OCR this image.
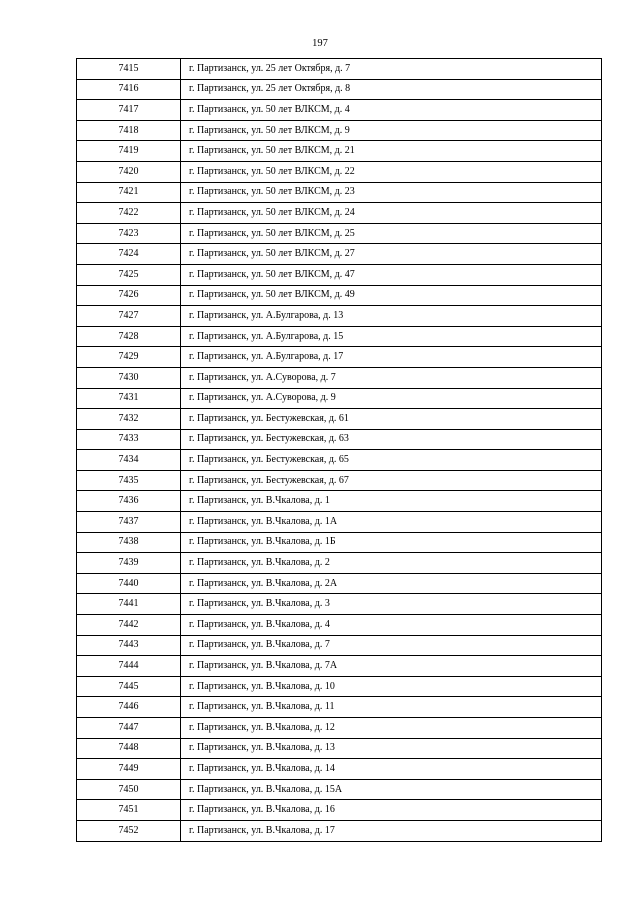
197
7415	г. Партизанск, ул. 25 лет Октября, д. 7
7416	г. Партизанск, ул. 25 лет Октября, д. 8
7417	г. Партизанск, ул. 50 лет ВЛКСМ, д. 4
7418	г. Партизанск, ул. 50 лет ВЛКСМ, д. 9
7419	г. Партизанск, ул. 50 лет ВЛКСМ, д. 21
7420	г. Партизанск, ул. 50 лет ВЛКСМ, д. 22
7421	г. Партизанск, ул. 50 лет ВЛКСМ, д. 23
7422	г. Партизанск, ул. 50 лет ВЛКСМ, д. 24
7423	г. Партизанск, ул. 50 лет ВЛКСМ, д. 25
7424	г. Партизанск, ул. 50 лет ВЛКСМ, д. 27
7425	г. Партизанск, ул. 50 лет ВЛКСМ, д. 47
7426	г. Партизанск, ул. 50 лет ВЛКСМ, д. 49
7427	г. Партизанск, ул. А.Булгарова, д. 13
7428	г. Партизанск, ул. А.Булгарова, д. 15
7429	г. Партизанск, ул. А.Булгарова, д. 17
7430	г. Партизанск, ул. А.Суворова, д. 7
7431	г. Партизанск, ул. А.Суворова, д. 9
7432	г. Партизанск, ул. Бестужевская, д. 61
7433	г. Партизанск, ул. Бестужевская, д. 63
7434	г. Партизанск, ул. Бестужевская, д. 65
7435	г. Партизанск, ул. Бестужевская, д. 67
7436	г. Партизанск, ул. В.Чкалова, д. 1
7437	г. Партизанск, ул. В.Чкалова, д. 1А
7438	г. Партизанск, ул. В.Чкалова, д. 1Б
7439	г. Партизанск, ул. В.Чкалова, д. 2
7440	г. Партизанск, ул. В.Чкалова, д. 2А
7441	г. Партизанск, ул. В.Чкалова, д. 3
7442	г. Партизанск, ул. В.Чкалова, д. 4
7443	г. Партизанск, ул. В.Чкалова, д. 7
7444	г. Партизанск, ул. В.Чкалова, д. 7А
7445	г. Партизанск, ул. В.Чкалова, д. 10
7446	г. Партизанск, ул. В.Чкалова, д. 11
7447	г. Партизанск, ул. В.Чкалова, д. 12
7448	г. Партизанск, ул. В.Чкалова, д. 13
7449	г. Партизанск, ул. В.Чкалова, д. 14
7450	г. Партизанск, ул. В.Чкалова, д. 15А
7451	г. Партизанск, ул. В.Чкалова, д. 16
7452	г. Партизанск, ул. В.Чкалова, д. 17
